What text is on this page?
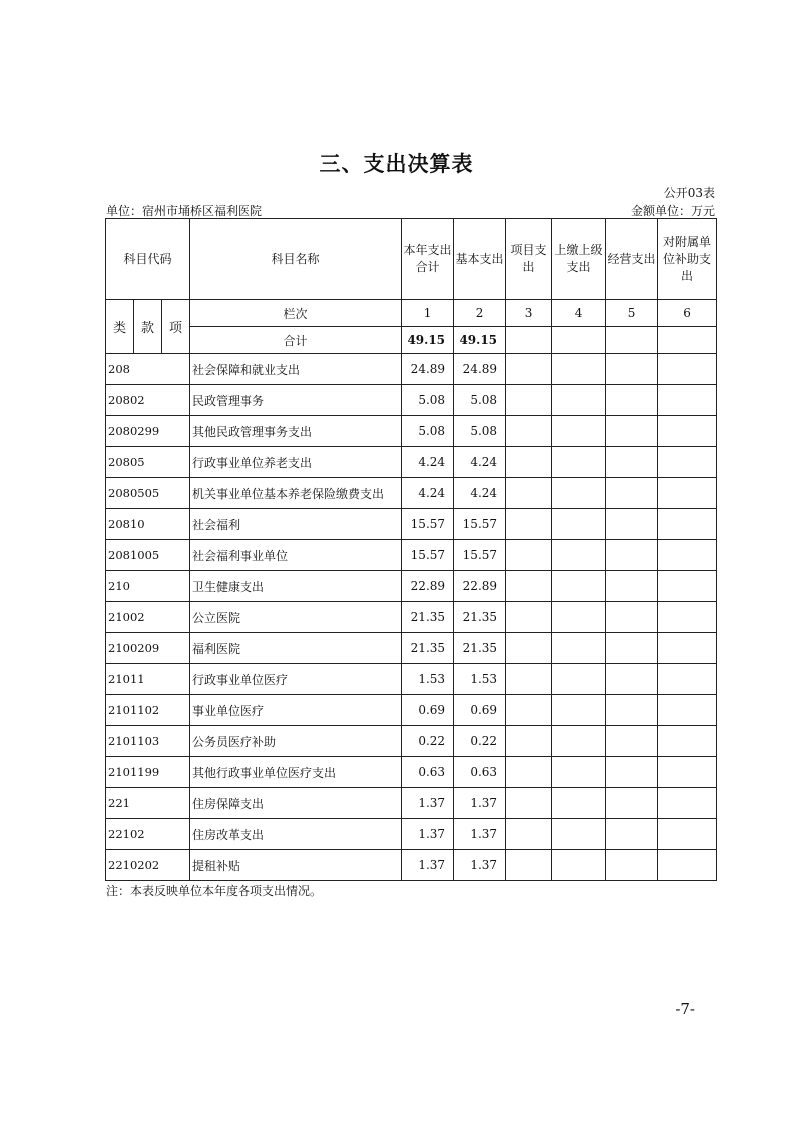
三、支出决算表
公开03表
单位：宿州市埇桥区福利医院	金额单位：万元
科目代码			科目名称	本年支出合计	基本支出	项目支出	上缴上级支出	经营支出	对附属单位补助支出
类	款	项	栏次	1	2	3	4	5	6
			合计	49.15	49.15				
208			社会保障和就业支出	24.89	24.89				
20802			民政管理事务	5.08	5.08				
2080299			其他民政管理事务支出	5.08	5.08				
20805			行政事业单位养老支出	4.24	4.24				
2080505			机关事业单位基本养老保险缴费支出	4.24	4.24				
20810			社会福利	15.57	15.57				
2081005			社会福利事业单位	15.57	15.57				
210			卫生健康支出	22.89	22.89				
21002			公立医院	21.35	21.35				
2100209			福利医院	21.35	21.35				
21011			行政事业单位医疗	1.53	1.53				
2101102			事业单位医疗	0.69	0.69				
2101103			公务员医疗补助	0.22	0.22				
2101199			其他行政事业单位医疗支出	0.63	0.63				
221			住房保障支出	1.37	1.37				
22102			住房改革支出	1.37	1.37				
2210202			提租补贴	1.37	1.37				
注：本表反映单位本年度各项支出情况。
-7-
